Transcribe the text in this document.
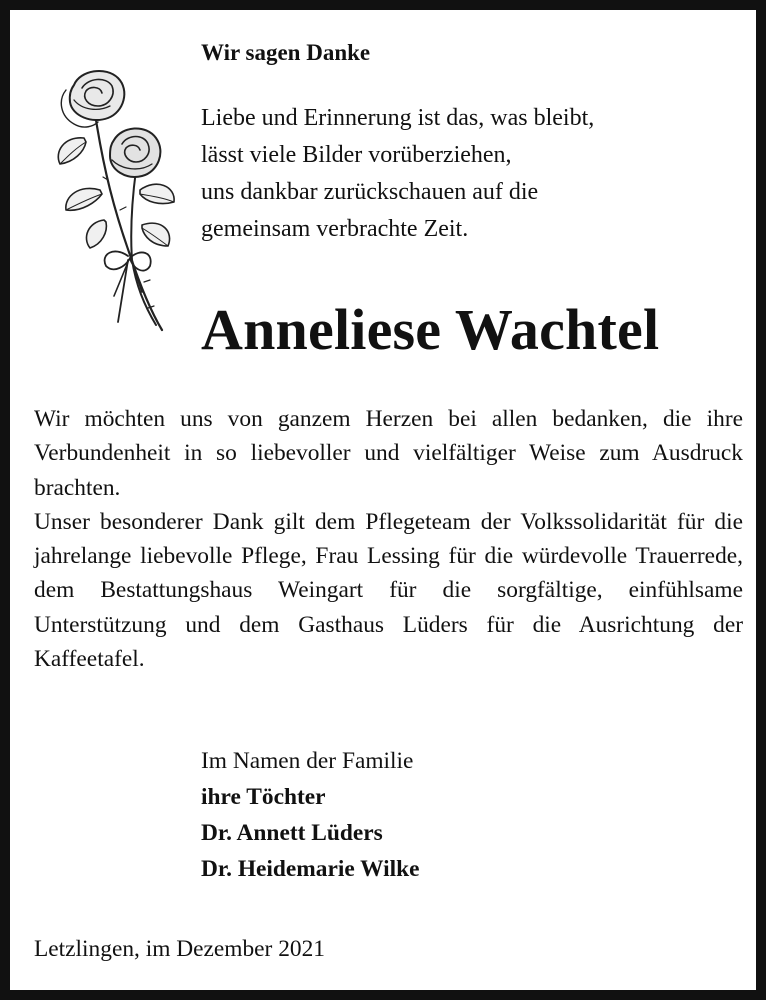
Wir sagen Danke
Liebe und Erinnerung ist das, was bleibt,
lässt viele Bilder vorüberziehen,
uns dankbar zurückschauen auf die
gemeinsam verbrachte Zeit.
Anneliese Wachtel

Wir möchten uns von ganzem Herzen bei allen bedanken, die ihre Verbundenheit in so liebevoller und vielfältiger Weise zum Ausdruck brachten.

Unser besonderer Dank gilt dem Pflegeteam der Volkssolidarität für die jahrelange liebevolle Pflege, Frau Lessing für die würdevolle Trauerrede, dem Bestattungshaus Weingart für die sorgfältige, einfühlsame Unterstützung und dem Gasthaus Lüders für die Ausrichtung der Kaffeetafel.

Im Namen der Familie
ihre Töchter
Dr. Annett Lüders
Dr. Heidemarie Wilke
Letzlingen, im Dezember 2021
